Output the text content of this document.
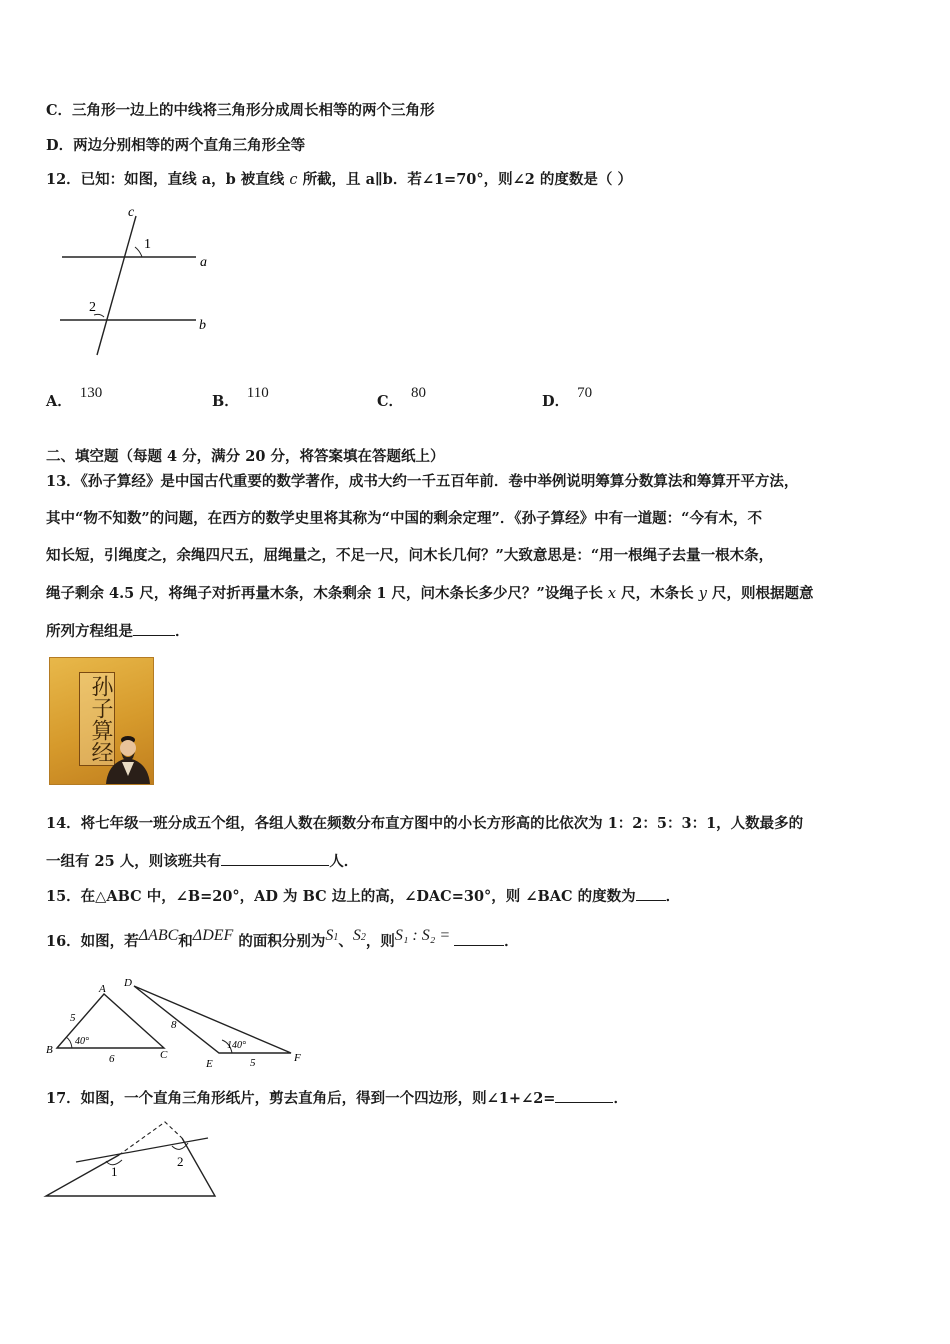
C．三角形一边上的中线将三角形分成周长相等的两个三角形

D．两边分别相等的两个直角三角形全等

12．已知：如图，直线 a，b 被直线 c 所截，且 a∥b．若∠1=70°，则∠2 的度数是（ ）

c
1
a
2
b
A． 130	B． 110	C． 80	D． 70

二、填空题（每题 4 分，满分 20 分，将答案填在答题纸上）

13．《孙子算经》是中国古代重要的数学著作，成书大约一千五百年前．卷中举例说明筹算分数算法和筹算开平方法，

其中“物不知数”的问题，在西方的数学史里将其称为“中国的剩余定理”．《孙子算经》中有一道题：“今有木，不

知长短，引绳度之，余绳四尺五，屈绳量之，不足一尺，问木长几何？”大致意思是：“用一根绳子去量一根木条，

绳子剩余 4.5 尺，将绳子对折再量木条，木条剩余 1 尺，问木条长多少尺？”设绳子长 x 尺，木条长 y 尺，则根据题意

所列方程组是	．

孙子算经

14．将七年级一班分成五个组，各组人数在频数分布直方图中的小长方形高的比依次为 1：2：5：3：1，人数最多的

一组有 25 人，则该班共有	人．

15．在△ABC 中，∠B=20°，AD 为 BC 边上的高，∠DAC=30°，则 ∠BAC 的度数为 ．

16．如图，若ΔABC和ΔDEF 的面积分别为S1、S2，则S₁ : S₂ =	．

A
B	C
5
6
40°
D
E	F
8
5
140°

17．如图，一个直角三角形纸片，剪去直角后，得到一个四边形，则∠1+∠2=	．

1
2
